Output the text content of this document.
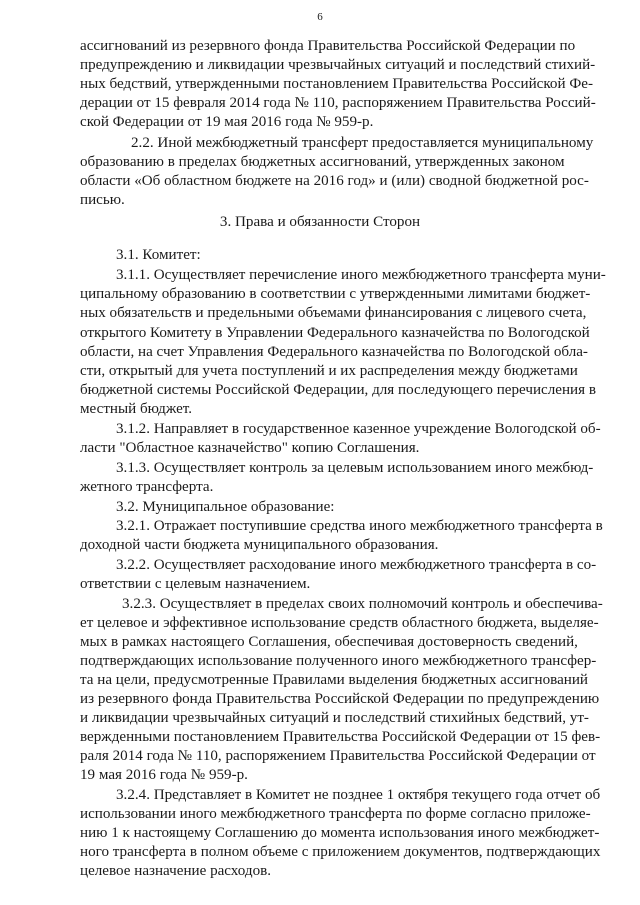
6
ассигнований из резервного фонда Правительства Российской Федерации по
предупреждению и ликвидации чрезвычайных ситуаций и последствий стихий-
ных бедствий, утвержденными постановлением Правительства Российской Фе-
дерации от 15 февраля 2014 года № 110, распоряжением Правительства Россий-
ской Федерации от 19 мая 2016 года № 959-р.
2.2. Иной межбюджетный трансферт предоставляется муниципальному
образованию в пределах бюджетных ассигнований, утвержденных законом
области «Об областном бюджете на 2016 год» и (или) сводной бюджетной рос-
писью.
3. Права и обязанности Сторон
3.1. Комитет:
3.1.1. Осуществляет перечисление иного межбюджетного трансферта муни-
ципальному образованию в соответствии с утвержденными лимитами бюджет-
ных обязательств и предельными объемами финансирования с лицевого счета,
открытого Комитету в Управлении Федерального казначейства по Вологодской
области, на счет Управления Федерального казначейства по Вологодской обла-
сти, открытый для учета поступлений и их распределения между бюджетами
бюджетной системы Российской Федерации, для последующего перечисления в
местный бюджет.
3.1.2. Направляет в государственное казенное учреждение Вологодской об-
ласти "Областное казначейство" копию Соглашения.
3.1.3. Осуществляет контроль за целевым использованием иного межбюд-
жетного трансферта.
3.2. Муниципальное образование:
3.2.1. Отражает поступившие средства иного межбюджетного трансферта в
доходной части бюджета муниципального образования.
3.2.2. Осуществляет расходование иного межбюджетного трансферта в со-
ответствии с целевым назначением.
3.2.3. Осуществляет в пределах своих полномочий контроль и обеспечива-
ет целевое и эффективное использование средств областного бюджета, выделяе-
мых в рамках настоящего Соглашения, обеспечивая достоверность сведений,
подтверждающих использование полученного иного межбюджетного трансфер-
та на цели, предусмотренные Правилами выделения бюджетных ассигнований
из резервного фонда Правительства Российской Федерации по предупреждению
и ликвидации чрезвычайных ситуаций и последствий стихийных бедствий, ут-
вержденными постановлением Правительства Российской Федерации от 15 фев-
раля 2014 года № 110, распоряжением Правительства Российской Федерации от
19 мая 2016 года № 959-р.
3.2.4. Представляет в Комитет не позднее 1 октября текущего года отчет об
использовании иного межбюджетного трансферта по форме согласно приложе-
нию 1 к настоящему Соглашению до момента использования иного межбюджет-
ного трансферта в полном объеме с приложением документов, подтверждающих
целевое назначение расходов.
